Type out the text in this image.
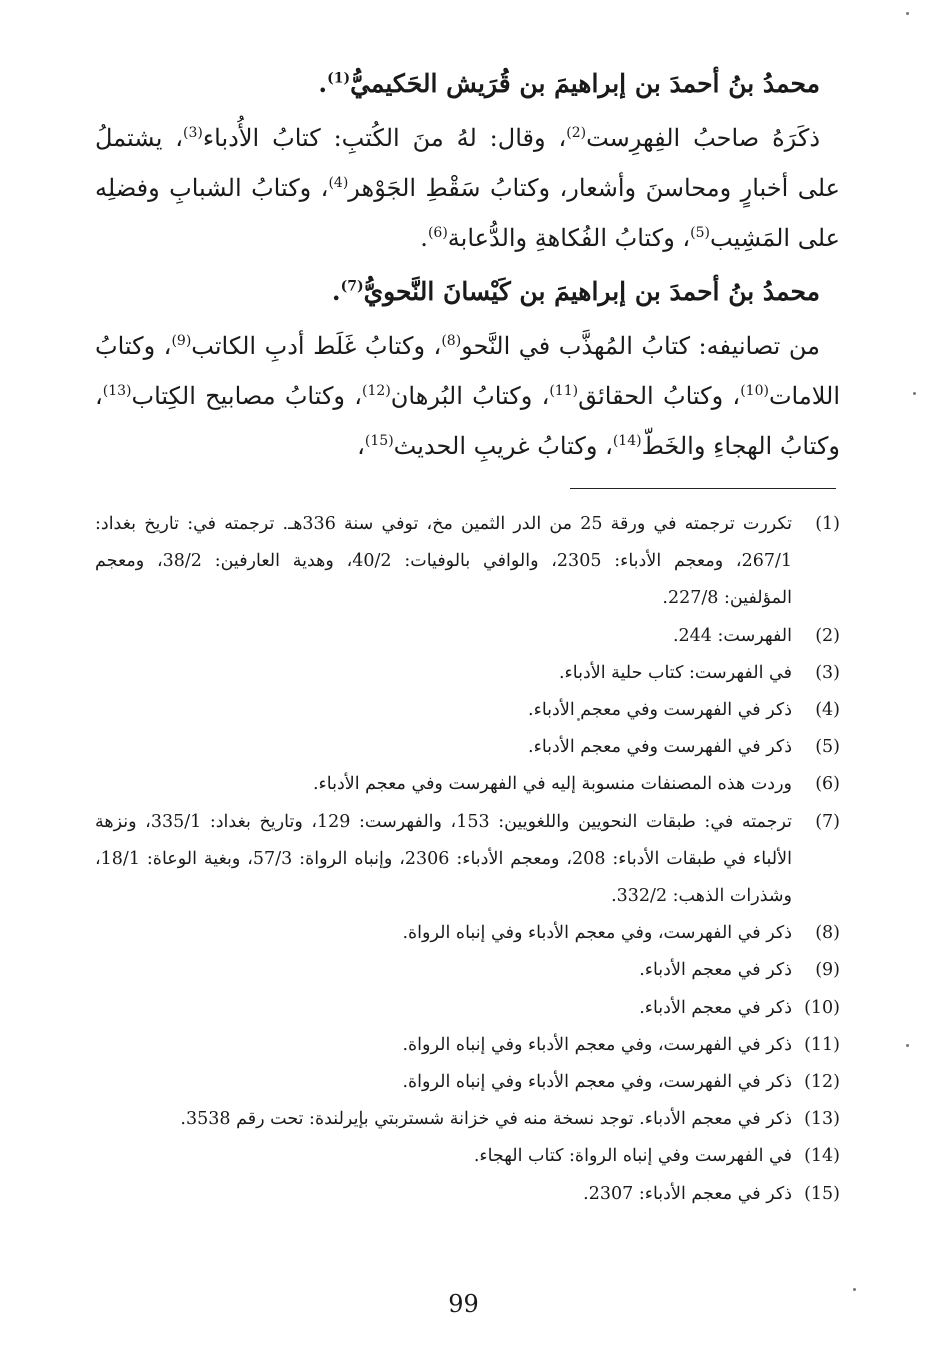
محمدُ بنُ أحمدَ بن إبراهيمَ بن قُرَيش الحَكيميُّ$^{(1)}$.

ذكَرَهُ صاحبُ الفِهرِست$^{(2)}$، وقال: لهُ منَ الكُتبِ: كتابُ الأُدباء$^{(3)}$، يشتملُ على أخبارٍ ومحاسنَ وأشعار، وكتابُ سَقْطِ الجَوْهر$^{(4)}$، وكتابُ الشبابِ وفضلِه على المَشِيب$^{(5)}$، وكتابُ الفُكاهةِ والدُّعابة$^{(6)}$.

محمدُ بنُ أحمدَ بن إبراهيمَ بن كَيْسانَ النَّحويُّ$^{(7)}$.

من تصانيفه: كتابُ المُهذَّب في النَّحو$^{(8)}$، وكتابُ غَلَط أدبِ الكاتب$^{(9)}$، وكتابُ اللامات$^{(10)}$، وكتابُ الحقائق$^{(11)}$، وكتابُ البُرهان$^{(12)}$، وكتابُ مصابيح الكِتاب$^{(13)}$، وكتابُ الهجاءِ والخَطّ$^{(14)}$، وكتابُ غريبِ الحديث$^{(15)}$،

(1)
تكررت ترجمته في ورقة 25 من الدر الثمين مخ، توفي سنة 336هـ. ترجمته في: تاريخ بغداد: 267/1، ومعجم الأدباء: 2305، والوافي بالوفيات: 40/2، وهدية العارفين: 38/2، ومعجم المؤلفين: 227/8.
(2)
الفهرست: 244.
(3)
في الفهرست: كتاب حلية الأدباء.
(4)
ذكر في الفهرست وفي معجم الأدباء.
(5)
ذكر في الفهرست وفي معجم الأدباء.
(6)
وردت هذه المصنفات منسوبة إليه في الفهرست وفي معجم الأدباء.
(7)
ترجمته في: طبقات النحويين واللغويين: 153، والفهرست: 129، وتاريخ بغداد: 335/1، ونزهة الألباء في طبقات الأدباء: 208، ومعجم الأدباء: 2306، وإنباه الرواة: 57/3، وبغية الوعاة: 18/1، وشذرات الذهب: 332/2.
(8)
ذكر في الفهرست، وفي معجم الأدباء وفي إنباه الرواة.
(9)
ذكر في معجم الأدباء.
(10)
ذكر في معجم الأدباء.
(11)
ذكر في الفهرست، وفي معجم الأدباء وفي إنباه الرواة.
(12)
ذكر في الفهرست، وفي معجم الأدباء وفي إنباه الرواة.
(13)
ذكر في معجم الأدباء. توجد نسخة منه في خزانة شستربتي بإيرلندة: تحت رقم 3538.
(14)
في الفهرست وفي إنباه الرواة: كتاب الهجاء.
(15)
ذكر في معجم الأدباء: 2307.
99
